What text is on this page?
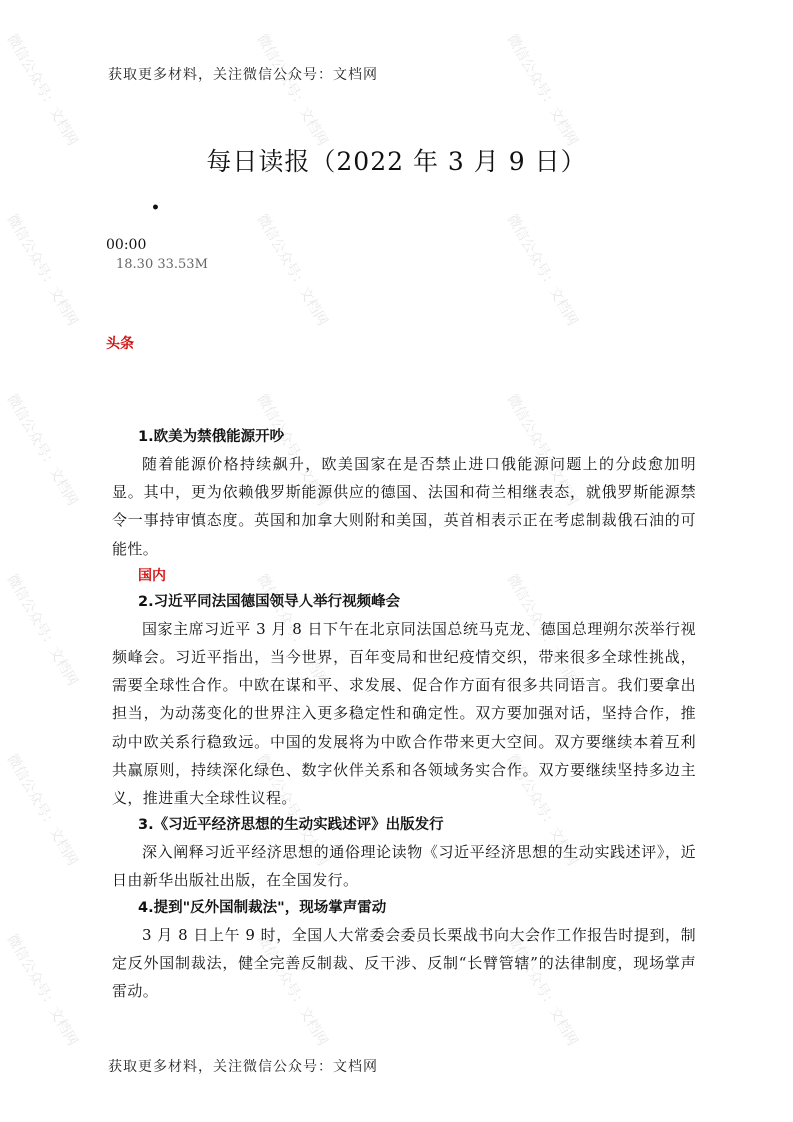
微信公众号：文档网	微信公众号：文档网	微信公众号：文档网
微信公众号：文档网	微信公众号：文档网	微信公众号：文档网
微信公众号：文档网	微信公众号：文档网	微信公众号：文档网
微信公众号：文档网	微信公众号：文档网	微信公众号：文档网
微信公众号：文档网	微信公众号：文档网	微信公众号：文档网
微信公众号：文档网	微信公众号：文档网	微信公众号：文档网
获取更多材料，关注微信公众号：文档网
每日读报（2022 年 3 月 9 日）
•
00:00
18.30 33.53M
头条
1.欧美为禁俄能源开吵

随着能源价格持续飙升，欧美国家在是否禁止进口俄能源问题上的分歧愈加明显。其中，更为依赖俄罗斯能源供应的德国、法国和荷兰相继表态，就俄罗斯能源禁令一事持审慎态度。英国和加拿大则附和美国，英首相表示正在考虑制裁俄石油的可能性。

国内
2.习近平同法国德国领导人举行视频峰会

国家主席习近平 3 月 8 日下午在北京同法国总统马克龙、德国总理朔尔茨举行视频峰会。习近平指出，当今世界，百年变局和世纪疫情交织，带来很多全球性挑战，需要全球性合作。中欧在谋和平、求发展、促合作方面有很多共同语言。我们要拿出担当，为动荡变化的世界注入更多稳定性和确定性。双方要加强对话，坚持合作，推动中欧关系行稳致远。中国的发展将为中欧合作带来更大空间。双方要继续本着互利共赢原则，持续深化绿色、数字伙伴关系和各领域务实合作。双方要继续坚持多边主义，推进重大全球性议程。

3.《习近平经济思想的生动实践述评》出版发行

深入阐释习近平经济思想的通俗理论读物《习近平经济思想的生动实践述评》，近日由新华出版社出版，在全国发行。

4.提到"反外国制裁法"，现场掌声雷动

3 月 8 日上午 9 时，全国人大常委会委员长栗战书向大会作工作报告时提到，制定反外国制裁法，健全完善反制裁、反干涉、反制“长臂管辖”的法律制度，现场掌声雷动。

获取更多材料，关注微信公众号：文档网
